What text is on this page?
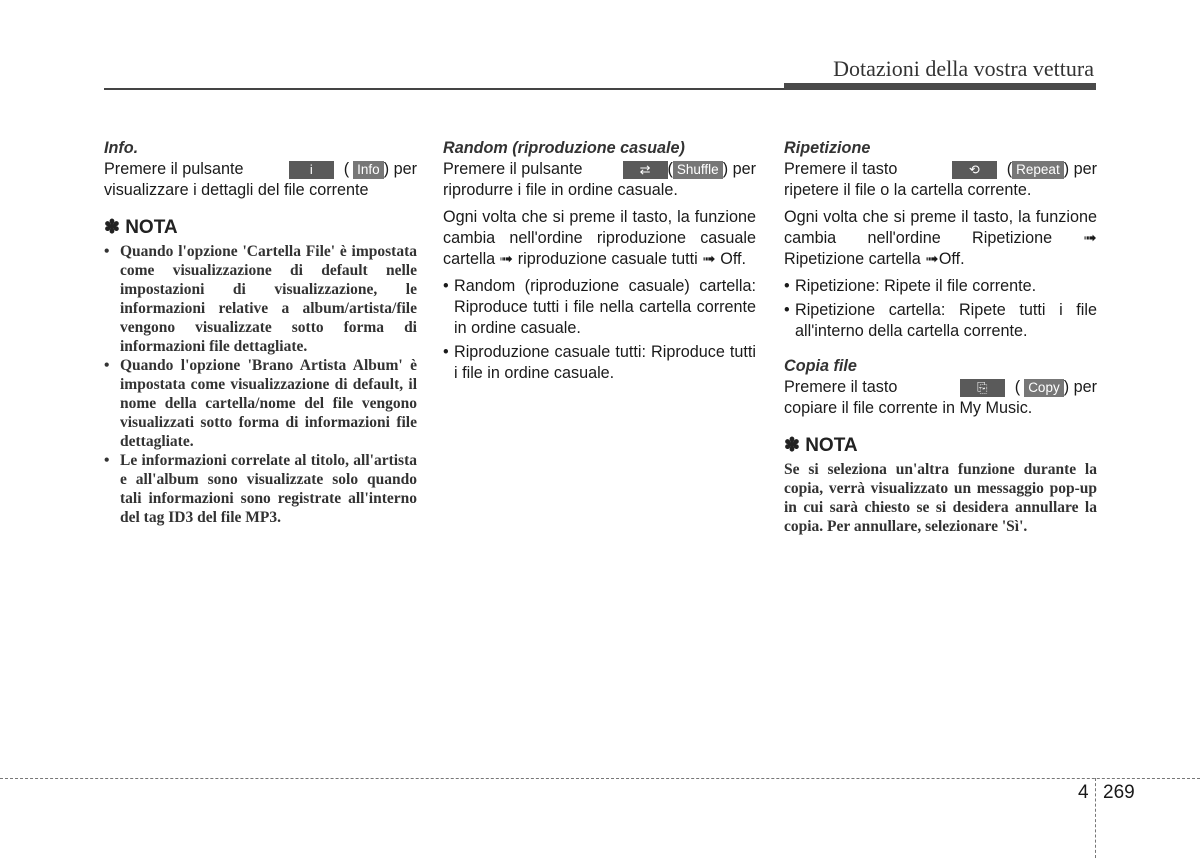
Dotazioni della vostra vettura
Info.
Premere il pulsante	i	( Info ) per

visualizzare i dettagli del file corrente

✽ NOTA
• Quando l'opzione 'Cartella File' è impostata come visualizzazione di default nelle impostazioni di visualizzazione, le informazioni relative a album/artista/file vengono visualizzate sotto forma di informazioni file dettagliate.
• Quando l'opzione 'Brano Artista Album' è impostata come visualizzazione di default, il nome della cartella/nome del file vengono visualizzati sotto forma di informazioni file dettagliate.
• Le informazioni correlate al titolo, all'artista e all'album sono visualizzate solo quando tali informazioni sono registrate all'interno del tag ID3 del file MP3.
Random (riproduzione casuale)
Premere il pulsante	⇄	( Shuffle ) per

riprodurre i file in ordine casuale.

Ogni volta che si preme il tasto, la funzione cambia nell'ordine riproduzione casuale cartella ➟ riproduzione casuale tutti ➟ Off.

• Random (riproduzione casuale) cartella: Riproduce tutti i file nella cartella corrente in ordine casuale.
• Riproduzione casuale tutti: Riproduce tutti i file in ordine casuale.
Ripetizione
Premere il tasto	⟲	( Repeat ) per

ripetere il file o la cartella corrente.

Ogni volta che si preme il tasto, la funzione cambia nell'ordine Ripetizione ➟ Ripetizione cartella ➟Off.

• Ripetizione: Ripete il file corrente.
• Ripetizione cartella: Ripete tutti i file all'interno della cartella corrente.
Copia file
Premere il tasto	⎘	( Copy ) per

copiare il file corrente in My Music.

✽ NOTA

Se si seleziona un'altra funzione durante la copia, verrà visualizzato un messaggio pop-up in cui sarà chiesto se si desidera annullare la copia. Per annullare, selezionare 'Sì'.

4 269
